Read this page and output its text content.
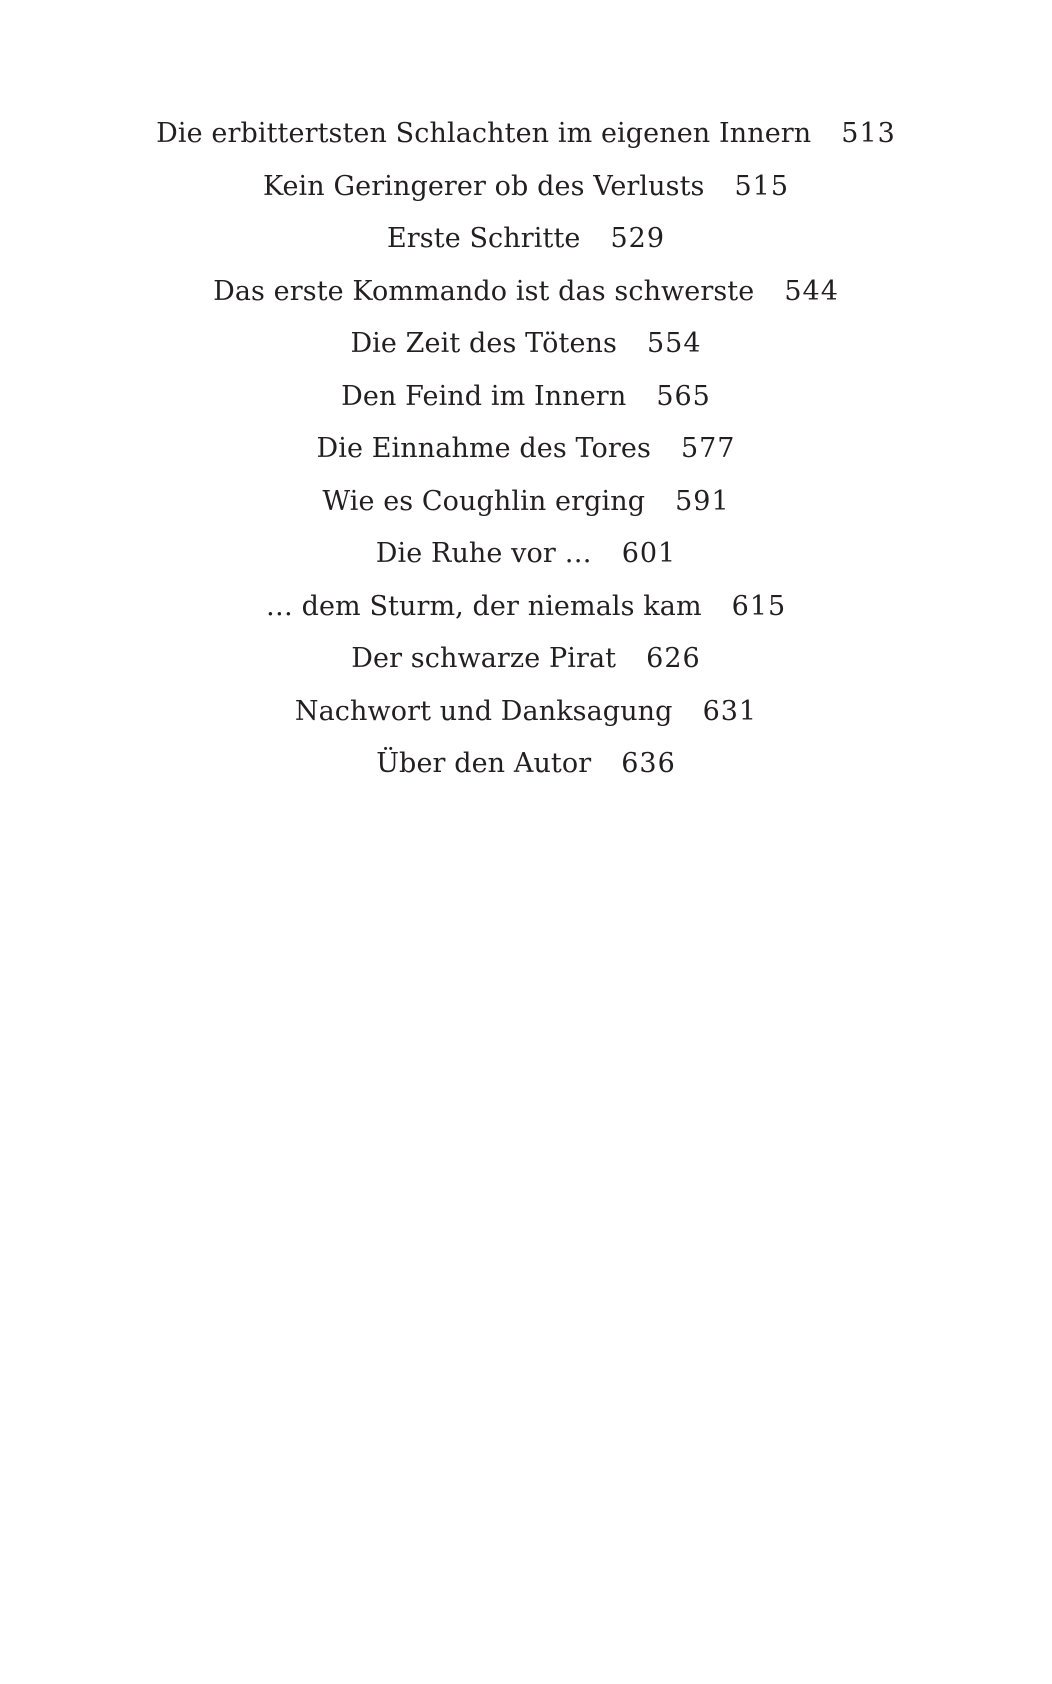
Die erbittertsten Schlachten im eigenen Innern 513
Kein Geringerer ob des Verlusts 515
Erste Schritte 529
Das erste Kommando ist das schwerste 544
Die Zeit des Tötens 554
Den Feind im Innern 565
Die Einnahme des Tores 577
Wie es Coughlin erging 591
Die Ruhe vor … 601
… dem Sturm, der niemals kam 615
Der schwarze Pirat 626
Nachwort und Danksagung 631
Über den Autor 636
